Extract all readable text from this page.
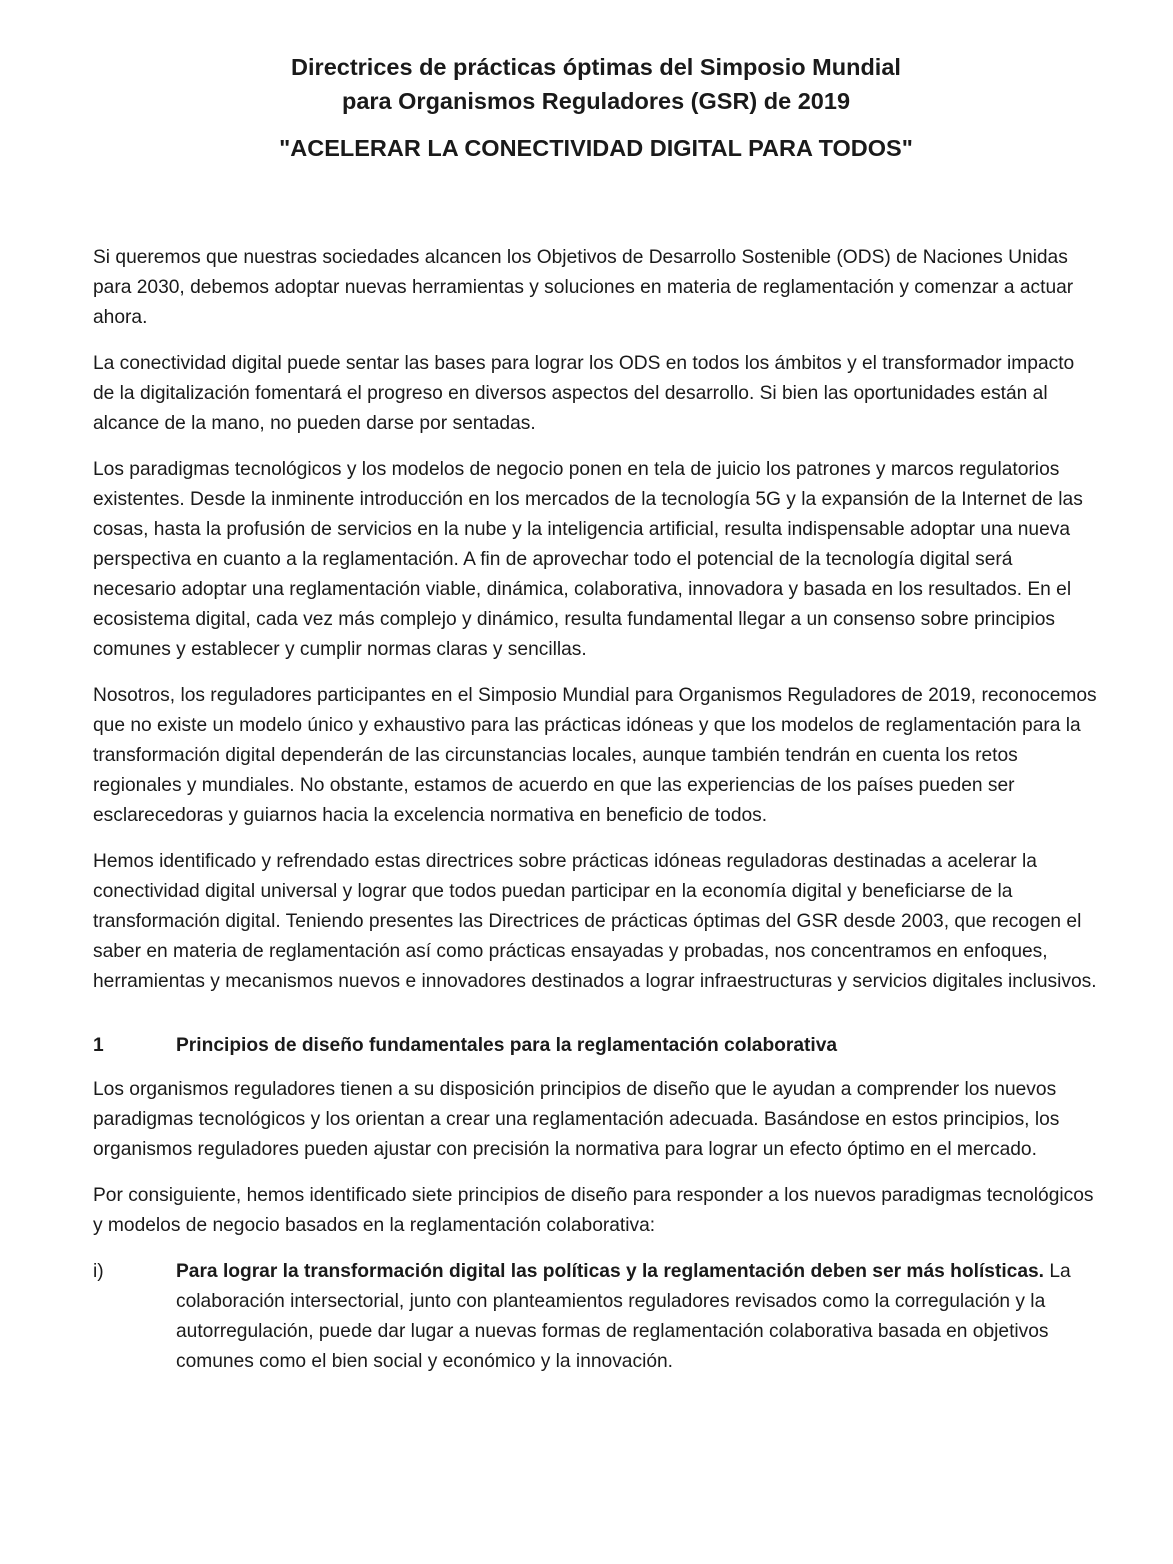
Directrices de prácticas óptimas del Simposio Mundial

para Organismos Reguladores (GSR) de 2019

"ACELERAR LA CONECTIVIDAD DIGITAL PARA TODOS"

Si queremos que nuestras sociedades alcancen los Objetivos de Desarrollo Sostenible (ODS) de Naciones Unidas para 2030, debemos adoptar nuevas herramientas y soluciones en materia de reglamentación y comenzar a actuar ahora.

La conectividad digital puede sentar las bases para lograr los ODS en todos los ámbitos y el transformador impacto de la digitalización fomentará el progreso en diversos aspectos del desarrollo. Si bien las oportunidades están al alcance de la mano, no pueden darse por sentadas.

Los paradigmas tecnológicos y los modelos de negocio ponen en tela de juicio los patrones y marcos regulatorios existentes. Desde la inminente introducción en los mercados de la tecnología 5G y la expansión de la Internet de las cosas, hasta la profusión de servicios en la nube y la inteligencia artificial, resulta indispensable adoptar una nueva perspectiva en cuanto a la reglamentación. A fin de aprovechar todo el potencial de la tecnología digital será necesario adoptar una reglamentación viable, dinámica, colaborativa, innovadora y basada en los resultados. En el ecosistema digital, cada vez más complejo y dinámico, resulta fundamental llegar a un consenso sobre principios comunes y establecer y cumplir normas claras y sencillas.

Nosotros, los reguladores participantes en el Simposio Mundial para Organismos Reguladores de 2019, reconocemos que no existe un modelo único y exhaustivo para las prácticas idóneas y que los modelos de reglamentación para la transformación digital dependerán de las circunstancias locales, aunque también tendrán en cuenta los retos regionales y mundiales. No obstante, estamos de acuerdo en que las experiencias de los países pueden ser esclarecedoras y guiarnos hacia la excelencia normativa en beneficio de todos.

Hemos identificado y refrendado estas directrices sobre prácticas idóneas reguladoras destinadas a acelerar la conectividad digital universal y lograr que todos puedan participar en la economía digital y beneficiarse de la transformación digital. Teniendo presentes las Directrices de prácticas óptimas del GSR desde 2003, que recogen el saber en materia de reglamentación así como prácticas ensayadas y probadas, nos concentramos en enfoques, herramientas y mecanismos nuevos e innovadores destinados a lograr infraestructuras y servicios digitales inclusivos.

1	Principios de diseño fundamentales para la reglamentación colaborativa

Los organismos reguladores tienen a su disposición principios de diseño que le ayudan a comprender los nuevos paradigmas tecnológicos y los orientan a crear una reglamentación adecuada. Basándose en estos principios, los organismos reguladores pueden ajustar con precisión la normativa para lograr un efecto óptimo en el mercado.

Por consiguiente, hemos identificado siete principios de diseño para responder a los nuevos paradigmas tecnológicos y modelos de negocio basados en la reglamentación colaborativa:

i)	Para lograr la transformación digital las políticas y la reglamentación deben ser más holísticas. La colaboración intersectorial, junto con planteamientos reguladores revisados como la corregulación y la autorregulación, puede dar lugar a nuevas formas de reglamentación colaborativa basada en objetivos comunes como el bien social y económico y la innovación.
